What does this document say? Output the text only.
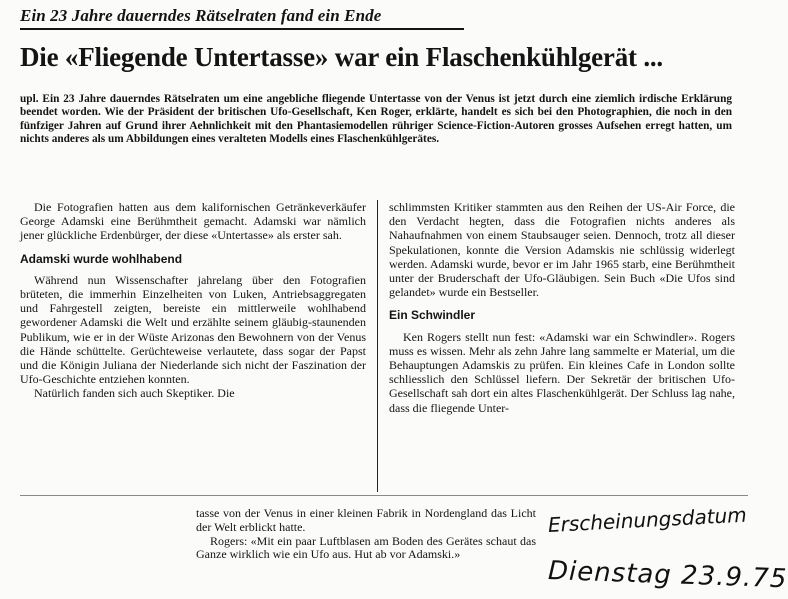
Ein 23 Jahre dauerndes Rätselraten fand ein Ende
Die «Fliegende Untertasse» war ein Flaschenkühlgerät ...
upl. Ein 23 Jahre dauerndes Rätselraten um eine angebliche fliegende Untertasse von der Venus ist jetzt durch eine ziemlich irdische Erklärung beendet worden. Wie der Präsident der britischen Ufo-Gesellschaft, Ken Roger, erklärte, handelt es sich bei den Photographien, die noch in den fünfziger Jahren auf Grund ihrer Aehnlichkeit mit den Phantasiemodellen rühriger Science-Fiction-Autoren grosses Aufsehen erregt hatten, um nichts anderes als um Abbildungen eines veralteten Modells eines Flaschenkühlgerätes.

Die Fotografien hatten aus dem kalifornischen Getränkeverkäufer George Adamski eine Berühmtheit gemacht. Adamski war nämlich jener glückliche Erdenbürger, der diese «Untertasse» als erster sah.

Adamski wurde wohlhabend

Während nun Wissenschafter jahrelang über den Fotografien brüteten, die immerhin Einzelheiten von Luken, Antriebsaggregaten und Fahrgestell zeigten, bereiste ein mittlerweile wohlhabend gewordener Adamski die Welt und erzählte seinem gläubig-staunenden Publikum, wie er in der Wüste Arizonas den Bewohnern von der Venus die Hände schüttelte. Gerüchteweise verlautete, dass sogar der Papst und die Königin Juliana der Niederlande sich nicht der Faszination der Ufo-Geschichte entziehen konnten.

Natürlich fanden sich auch Skeptiker. Die

schlimmsten Kritiker stammten aus den Reihen der US-Air Force, die den Verdacht hegten, dass die Fotografien nichts anderes als Nahaufnahmen von einem Staubsauger seien. Dennoch, trotz all dieser Spekulationen, konnte die Version Adamskis nie schlüssig widerlegt werden. Adamski wurde, bevor er im Jahr 1965 starb, eine Berühmtheit unter der Bruderschaft der Ufo-Gläubigen. Sein Buch «Die Ufos sind gelandet» wurde ein Bestseller.

Ein Schwindler

Ken Rogers stellt nun fest: «Adamski war ein Schwindler». Rogers muss es wissen. Mehr als zehn Jahre lang sammelte er Material, um die Behauptungen Adamskis zu prüfen. Ein kleines Cafe in London sollte schliesslich den Schlüssel liefern. Der Sekretär der britischen Ufo-Gesellschaft sah dort ein altes Flaschenkühlgerät. Der Schluss lag nahe, dass die fliegende Unter-

tasse von der Venus in einer kleinen Fabrik in Nordengland das Licht der Welt erblickt hatte.

Rogers: «Mit ein paar Luftblasen am Boden des Gerätes schaut das Ganze wirklich wie ein Ufo aus. Hut ab vor Adamski.»

Erscheinungsdatum
Dienstag 23.9.75
